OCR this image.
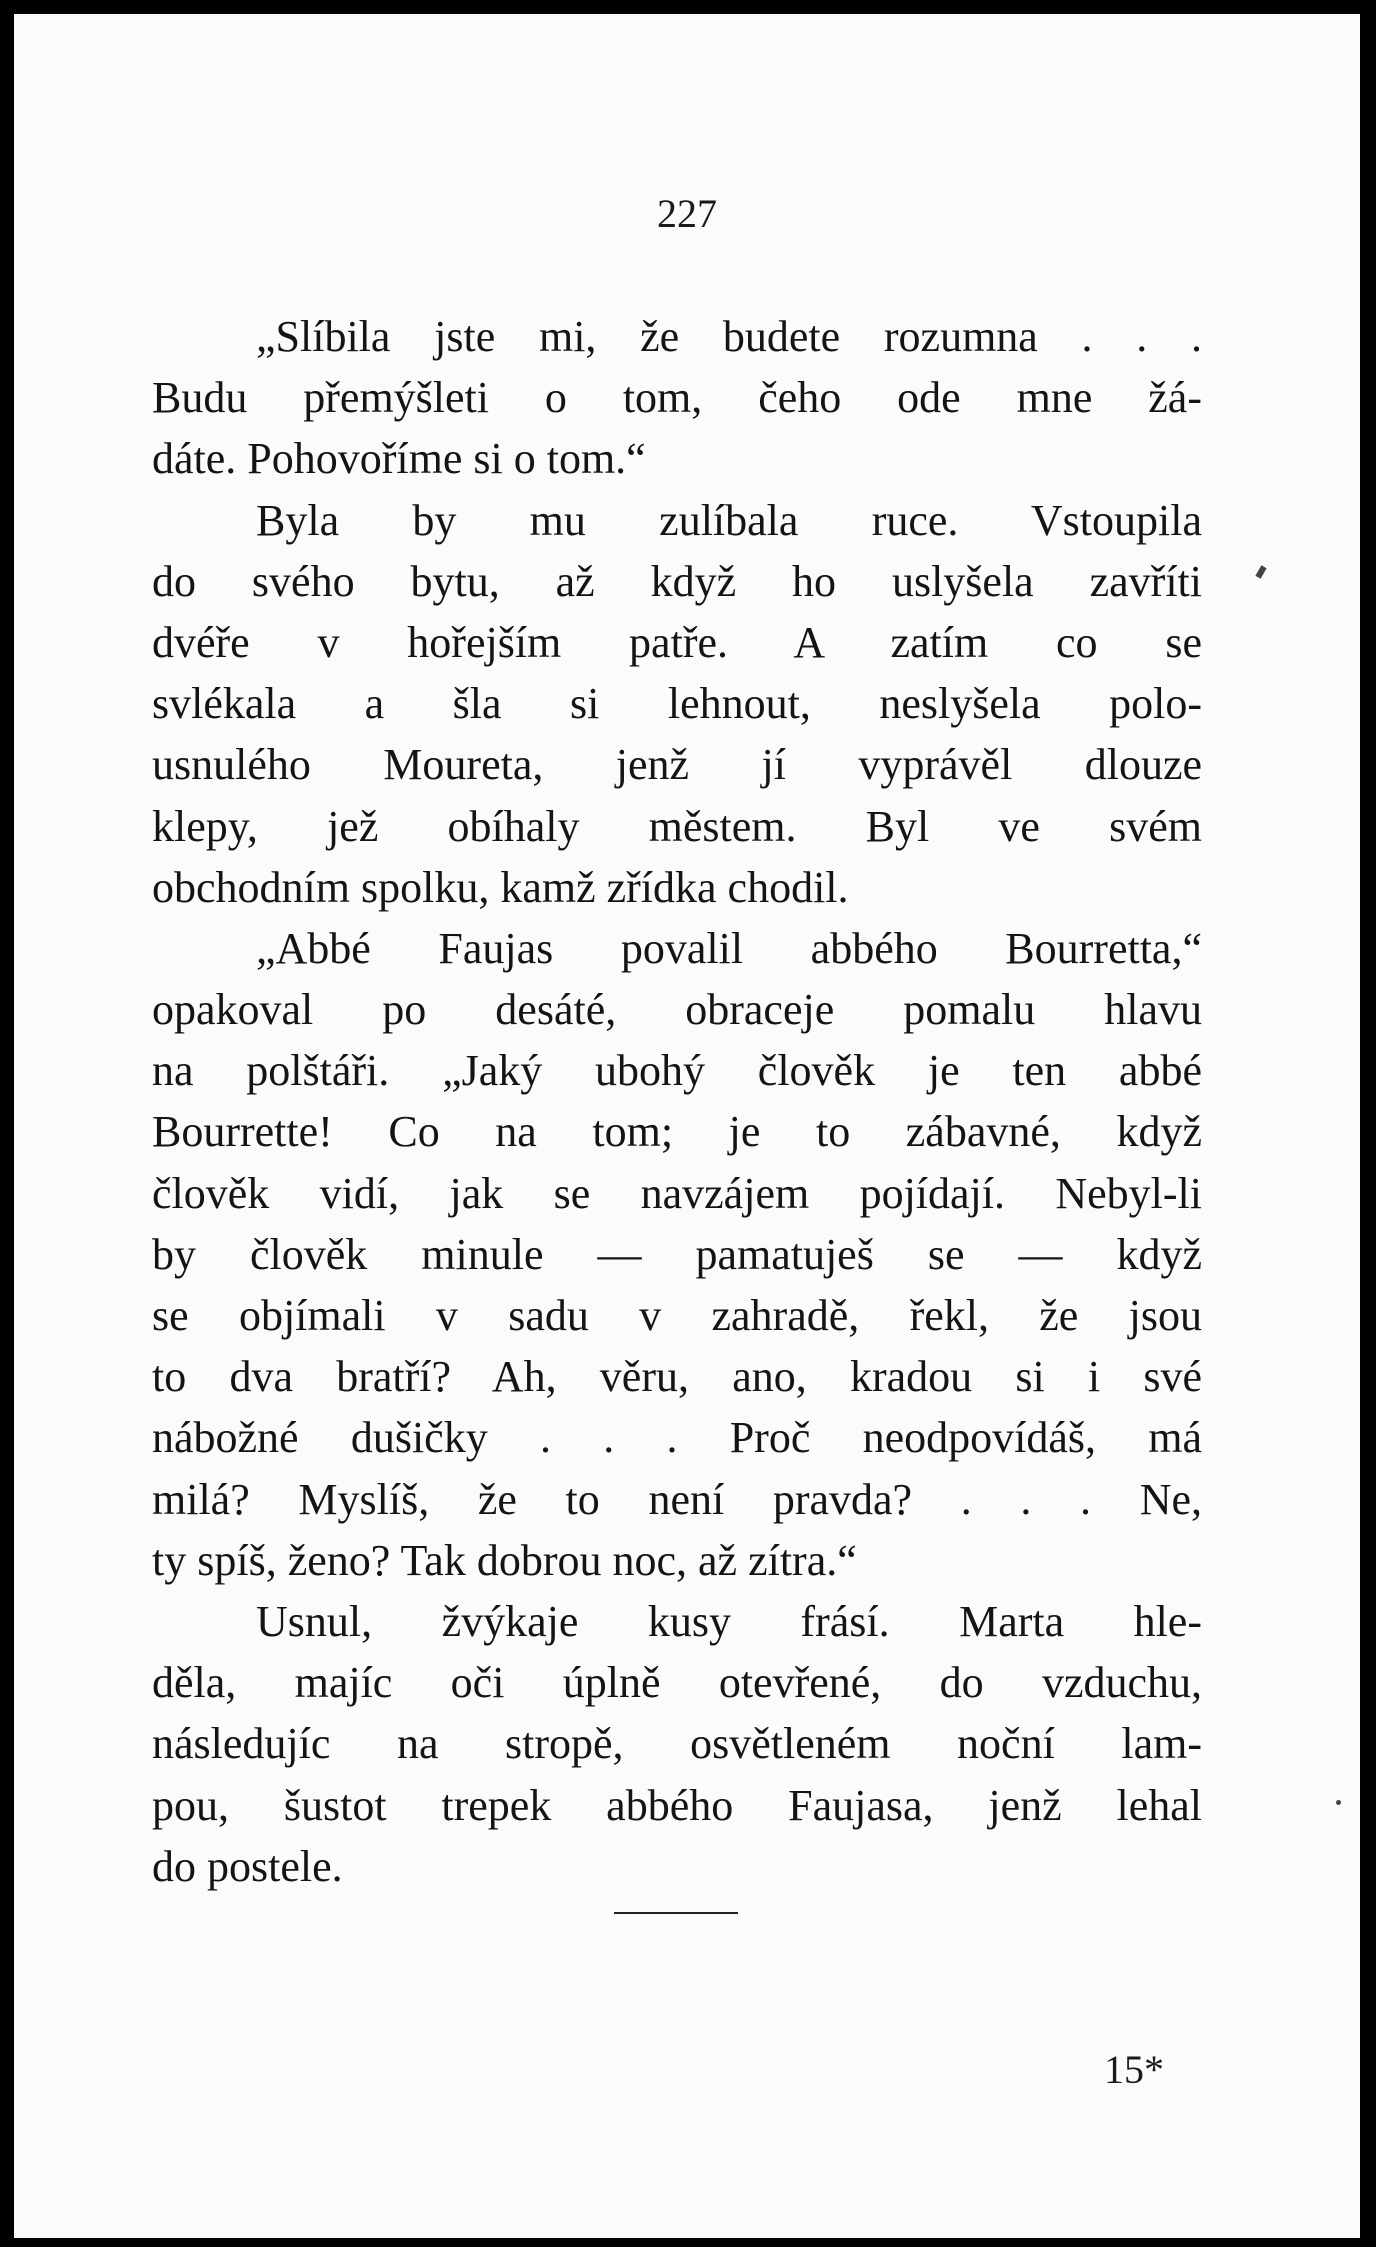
227
„Slíbila jste mi, že budete rozumna . . .
Budu přemýšleti o tom, čeho ode mne žá-
dáte. Pohovoříme si o tom.“
Byla by mu zulíbala ruce. Vstoupila
do svého bytu, až když ho uslyšela zavříti
dvéře v hořejším patře. A zatím co se
svlékala a šla si lehnout, neslyšela polo-
usnulého Moureta, jenž jí vyprávěl dlouze
klepy, jež obíhaly městem. Byl ve svém
obchodním spolku, kamž zřídka chodil.
„Abbé Faujas povalil abbého Bourretta,“
opakoval po desáté, obraceje pomalu hlavu
na polštáři. „Jaký ubohý člověk je ten abbé
Bourrette! Co na tom; je to zábavné, když
člověk vidí, jak se navzájem pojídají. Nebyl-li
by člověk minule — pamatuješ se — když
se objímali v sadu v zahradě, řekl, že jsou
to dva bratří? Ah, věru, ano, kradou si i své
nábožné dušičky . . . Proč neodpovídáš, má
milá? Myslíš, že to není pravda? . . . Ne,
ty spíš, ženo? Tak dobrou noc, až zítra.“
Usnul, žvýkaje kusy frásí. Marta hle-
děla, majíc oči úplně otevřené, do vzduchu,
následujíc na stropě, osvětleném noční lam-
pou, šustot trepek abbého Faujasa, jenž lehal
do postele.
15*
